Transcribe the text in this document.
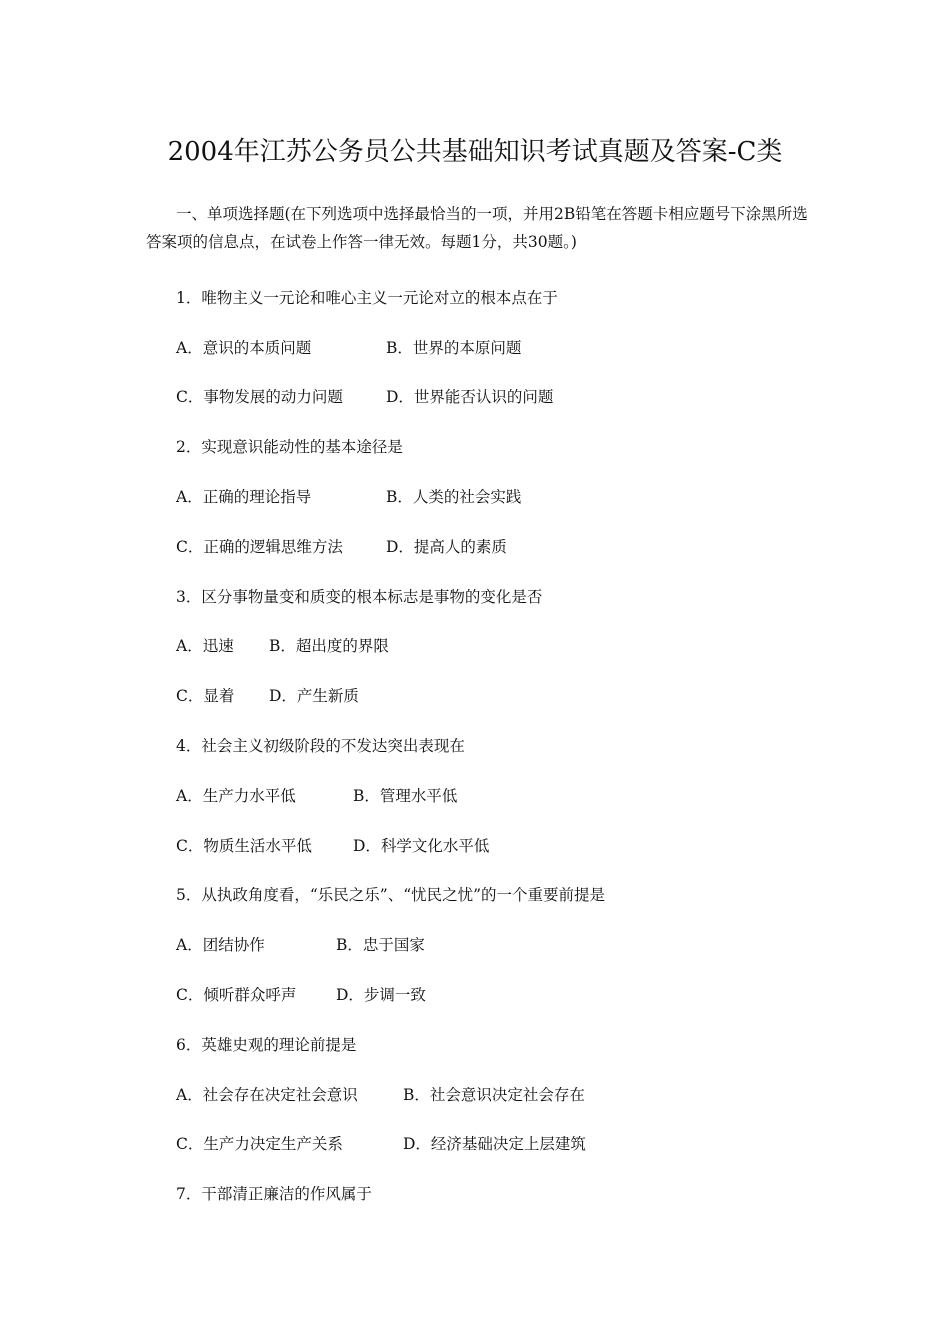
2004年江苏公务员公共基础知识考试真题及答案-C类
一、单项选择题(在下列选项中选择最恰当的一项，并用2B铅笔在答题卡相应题号下涂黑所选答案项的信息点，在试卷上作答一律无效。每题1分，共30题。)
1．唯物主义一元论和唯心主义一元论对立的根本点在于
A．意识的本质问题	B．世界的本原问题
C．事物发展的动力问题	D．世界能否认识的问题
2．实现意识能动性的基本途径是
A．正确的理论指导	B．人类的社会实践
C．正确的逻辑思维方法	D．提高人的素质
3．区分事物量变和质变的根本标志是事物的变化是否
A．迅速	B．超出度的界限
C．显着	D．产生新质
4．社会主义初级阶段的不发达突出表现在
A．生产力水平低	B．管理水平低
C．物质生活水平低	D．科学文化水平低
5．从执政角度看，“乐民之乐”、“忧民之忧”的一个重要前提是
A．团结协作	B．忠于国家
C．倾听群众呼声	D．步调一致
6．英雄史观的理论前提是
A．社会存在决定社会意识	B．社会意识决定社会存在
C．生产力决定生产关系	D．经济基础决定上层建筑
7．干部清正廉洁的作风属于
